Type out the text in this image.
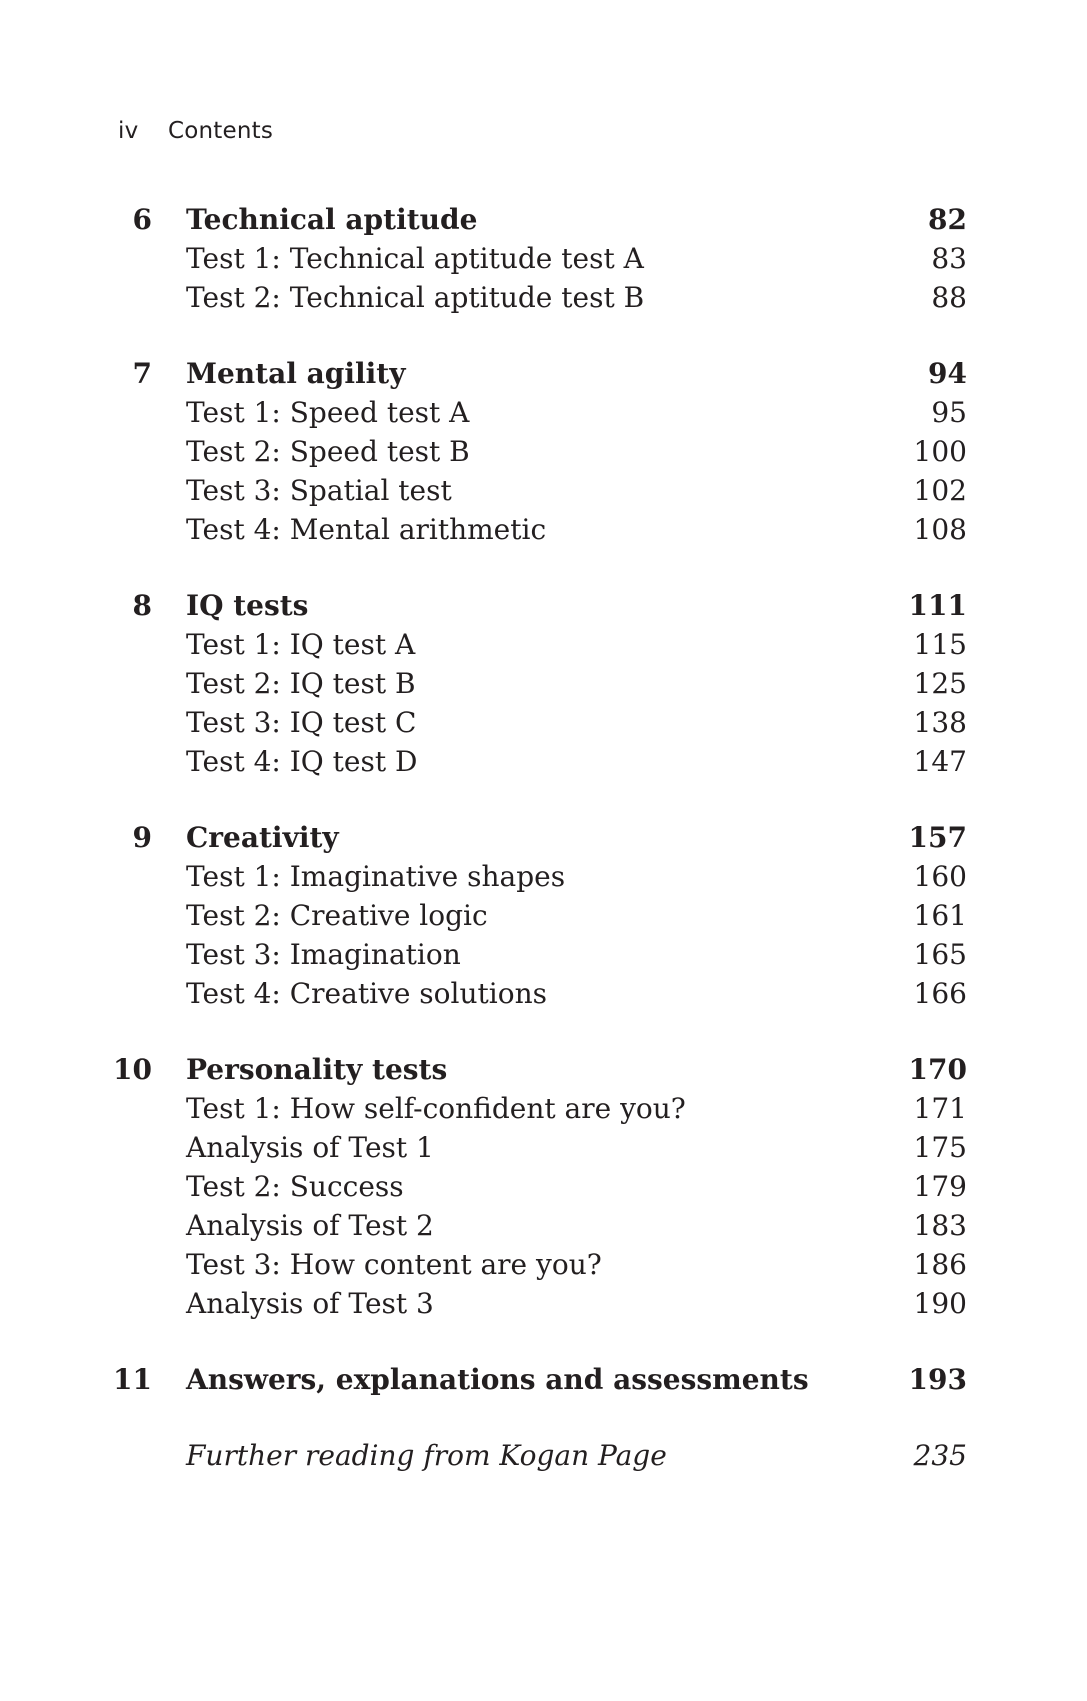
iv Contents
6 Technical aptitude	82
Test 1: Technical aptitude test A	83
Test 2: Technical aptitude test B	88
7 Mental agility	94
Test 1: Speed test A	95
Test 2: Speed test B	100
Test 3: Spatial test	102
Test 4: Mental arithmetic	108
8 IQ tests	111
Test 1: IQ test A	115
Test 2: IQ test B	125
Test 3: IQ test C	138
Test 4: IQ test D	147
9 Creativity	157
Test 1: Imaginative shapes	160
Test 2: Creative logic	161
Test 3: Imagination	165
Test 4: Creative solutions	166
10 Personality tests	170
Test 1: How self-confident are you?	171
Analysis of Test 1	175
Test 2: Success	179
Analysis of Test 2	183
Test 3: How content are you?	186
Analysis of Test 3	190
11 Answers, explanations and assessments	193
Further reading from Kogan Page	235
